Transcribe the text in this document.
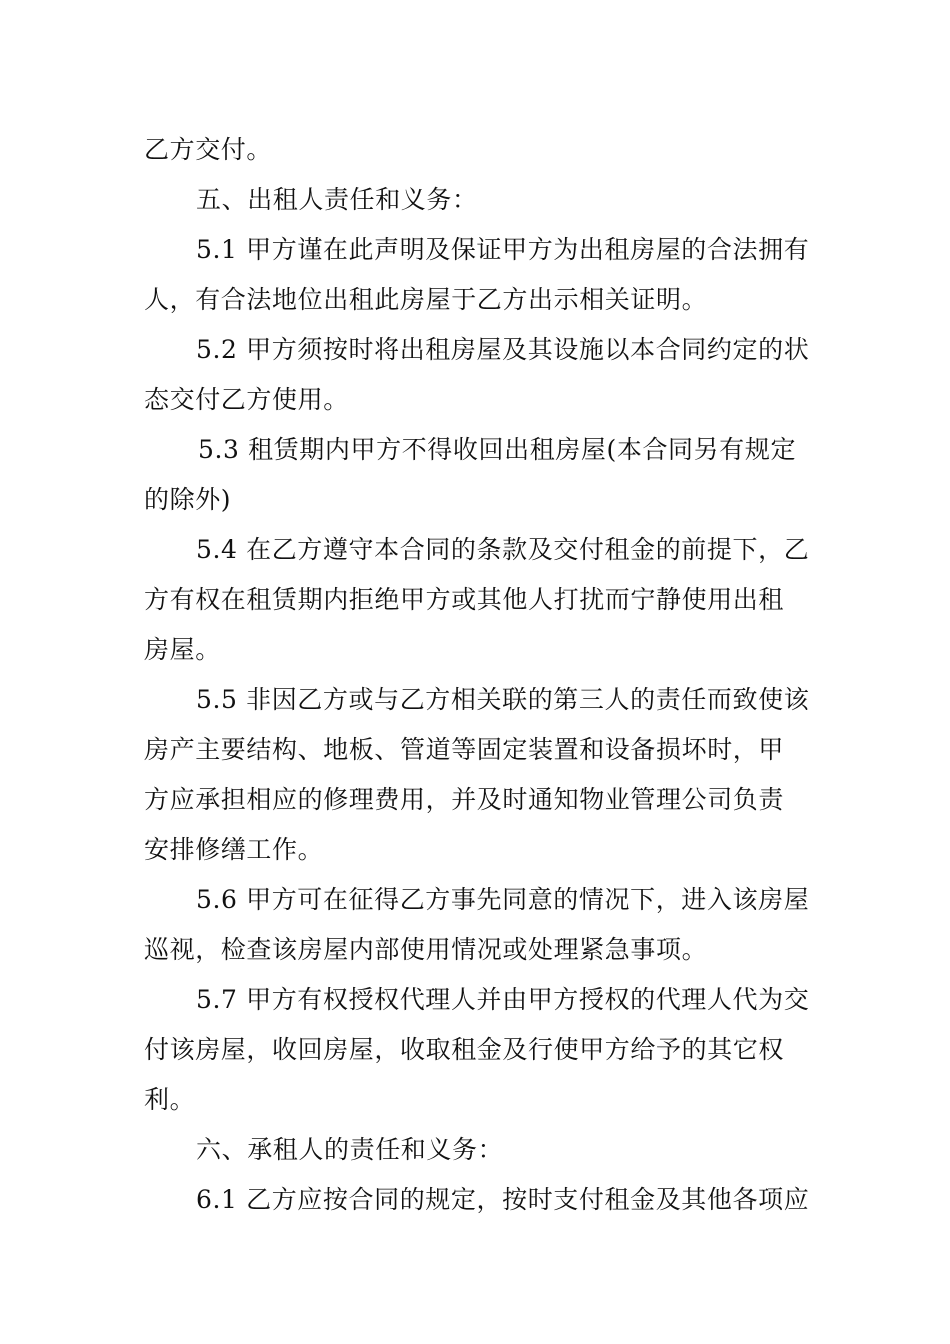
乙方交付。
五、出租人责任和义务：
5.1 甲方谨在此声明及保证甲方为出租房屋的合法拥有
人，有合法地位出租此房屋于乙方出示相关证明。
5.2 甲方须按时将出租房屋及其设施以本合同约定的状
态交付乙方使用。
5.3 租赁期内甲方不得收回出租房屋(本合同另有规定
的除外)
5.4 在乙方遵守本合同的条款及交付租金的前提下，乙
方有权在租赁期内拒绝甲方或其他人打扰而宁静使用出租
房屋。
5.5 非因乙方或与乙方相关联的第三人的责任而致使该
房产主要结构、地板、管道等固定装置和设备损坏时，甲
方应承担相应的修理费用，并及时通知物业管理公司负责
安排修缮工作。
5.6 甲方可在征得乙方事先同意的情况下，进入该房屋
巡视，检查该房屋内部使用情况或处理紧急事项。
5.7 甲方有权授权代理人并由甲方授权的代理人代为交
付该房屋，收回房屋，收取租金及行使甲方给予的其它权
利。
六、承租人的责任和义务：
6.1 乙方应按合同的规定，按时支付租金及其他各项应
